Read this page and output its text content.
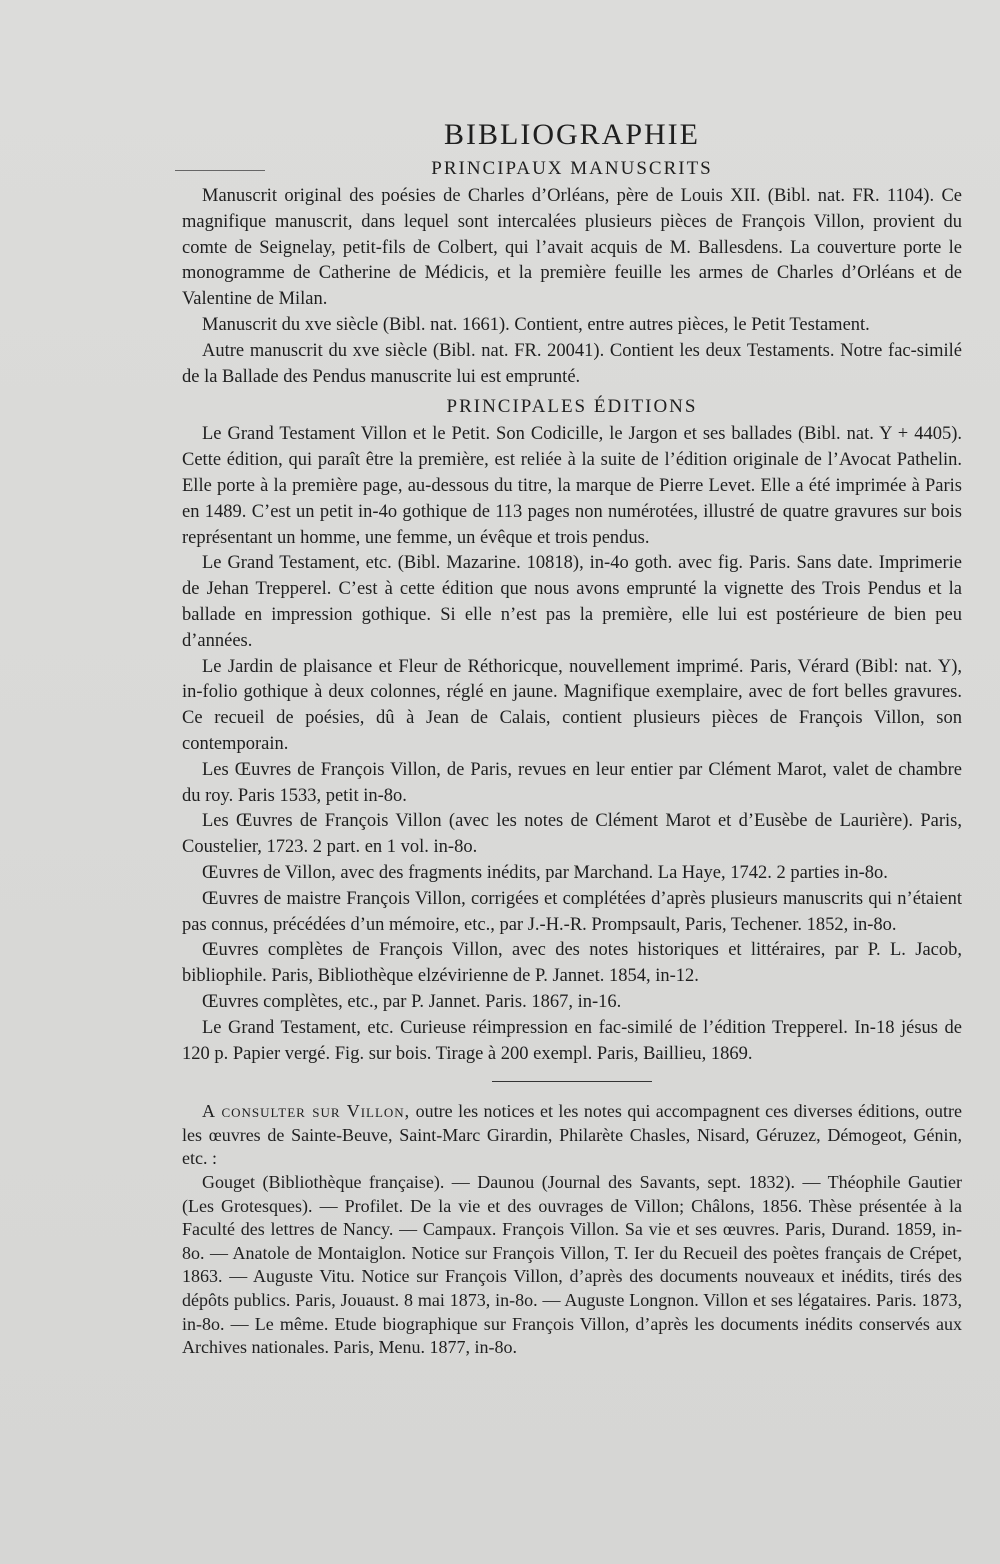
BIBLIOGRAPHIE
PRINCIPAUX MANUSCRITS

Manuscrit original des poésies de Charles d’Orléans, père de Louis XII. (Bibl. nat. FR. 1104). Ce magnifique manuscrit, dans lequel sont intercalées plusieurs pièces de François Villon, provient du comte de Seignelay, petit-fils de Colbert, qui l’avait acquis de M. Ballesdens. La couverture porte le monogramme de Catherine de Médicis, et la première feuille les armes de Charles d’Orléans et de Valentine de Milan.

Manuscrit du xve siècle (Bibl. nat. 1661). Contient, entre autres pièces, le Petit Testament.

Autre manuscrit du xve siècle (Bibl. nat. FR. 20041). Contient les deux Testaments. Notre fac-similé de la Ballade des Pendus manuscrite lui est emprunté.

PRINCIPALES ÉDITIONS

Le Grand Testament Villon et le Petit. Son Codicille, le Jargon et ses ballades (Bibl. nat. Y + 4405). Cette édition, qui paraît être la première, est reliée à la suite de l’édition originale de l’Avocat Pathelin. Elle porte à la première page, au-dessous du titre, la marque de Pierre Levet. Elle a été imprimée à Paris en 1489. C’est un petit in-4o gothique de 113 pages non numérotées, illustré de quatre gravures sur bois représentant un homme, une femme, un évêque et trois pendus.

Le Grand Testament, etc. (Bibl. Mazarine. 10818), in-4o goth. avec fig. Paris. Sans date. Imprimerie de Jehan Trepperel. C’est à cette édition que nous avons emprunté la vignette des Trois Pendus et la ballade en impression gothique. Si elle n’est pas la première, elle lui est postérieure de bien peu d’années.

Le Jardin de plaisance et Fleur de Réthoricque, nouvellement imprimé. Paris, Vérard (Bibl: nat. Y), in-folio gothique à deux colonnes, réglé en jaune. Magnifique exemplaire, avec de fort belles gravures. Ce recueil de poésies, dû à Jean de Calais, contient plusieurs pièces de François Villon, son contemporain.

Les Œuvres de François Villon, de Paris, revues en leur entier par Clément Marot, valet de chambre du roy. Paris 1533, petit in-8o.

Les Œuvres de François Villon (avec les notes de Clément Marot et d’Eusèbe de Laurière). Paris, Coustelier, 1723. 2 part. en 1 vol. in-8o.

Œuvres de Villon, avec des fragments inédits, par Marchand. La Haye, 1742. 2 parties in-8o.

Œuvres de maistre François Villon, corrigées et complétées d’après plusieurs manuscrits qui n’étaient pas connus, précédées d’un mémoire, etc., par J.-H.-R. Prompsault, Paris, Techener. 1852, in-8o.

Œuvres complètes de François Villon, avec des notes historiques et littéraires, par P. L. Jacob, bibliophile. Paris, Bibliothèque elzévirienne de P. Jannet. 1854, in-12.

Œuvres complètes, etc., par P. Jannet. Paris. 1867, in-16.

Le Grand Testament, etc. Curieuse réimpression en fac-similé de l’édition Trepperel. In-18 jésus de 120 p. Papier vergé. Fig. sur bois. Tirage à 200 exempl. Paris, Baillieu, 1869.

A consulter sur Villon, outre les notices et les notes qui accompagnent ces diverses éditions, outre les œuvres de Sainte-Beuve, Saint-Marc Girardin, Philarète Chasles, Nisard, Géruzez, Démogeot, Génin, etc. :

Gouget (Bibliothèque française). — Daunou (Journal des Savants, sept. 1832). — Théophile Gautier (Les Grotesques). — Profilet. De la vie et des ouvrages de Villon; Châlons, 1856. Thèse présentée à la Faculté des lettres de Nancy. — Campaux. François Villon. Sa vie et ses œuvres. Paris, Durand. 1859, in-8o. — Anatole de Montaiglon. Notice sur François Villon, T. Ier du Recueil des poètes français de Crépet, 1863. — Auguste Vitu. Notice sur François Villon, d’après des documents nouveaux et inédits, tirés des dépôts publics. Paris, Jouaust. 8 mai 1873, in-8o. — Auguste Longnon. Villon et ses légataires. Paris. 1873, in-8o. — Le même. Etude biographique sur François Villon, d’après les documents inédits conservés aux Archives nationales. Paris, Menu. 1877, in-8o.
